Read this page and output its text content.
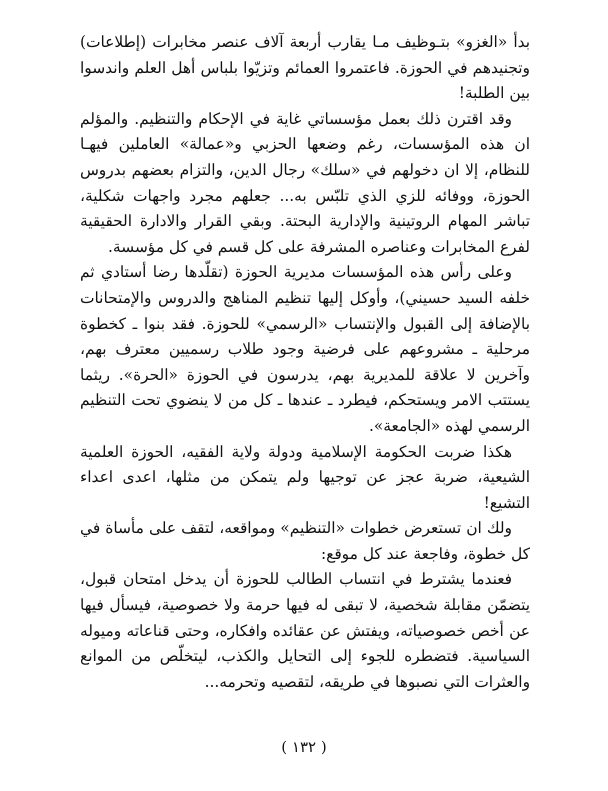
بدأ «الغزو» بتـوظيف مـا يقارب أربعة آلاف عنصر مخابرات (إطلاعات) وتجنيدهم في الحوزة. فاعتمروا العمائم وتزيّوا بلباس أهل العلم واندسوا بين الطلبة!

وقد اقترن ذلك بعمل مؤسساتي غاية في الإحكام والتنظيم. والمؤلم ان هذه المؤسسات، رغم وضعها الحزبي و«عمالة» العاملين فيهـا للنظام، إلا ان دخولهم في «سلك» رجال الدين، والتزام بعضهم بدروس الحوزة، ووفائه للزي الذي تلبّس به... جعلهم مجرد واجهات شكلية، تباشر المهام الروتينية والإدارية البحتة. وبقي القرار والادارة الحقيقية لفرع المخابرات وعناصره المشرفة على كل قسم في كل مؤسسة.

وعلى رأس هذه المؤسسات مديرية الحوزة (تقلّدها رضا أستادي ثم خلفه السيد حسيني)، وأوكل إليها تنظيم المناهج والدروس والإمتحانات بالإضافة إلى القبول والإنتساب «الرسمي» للحوزة. فقد بنوا ـ كخطوة مرحلية ـ مشروعهم على فرضية وجود طلاب رسميين معترف بهم، وآخرين لا علاقة للمديرية بهم، يدرسون في الحوزة «الحرة». ريثما يستتب الامر ويستحكم، فيطرد ـ عندها ـ كل من لا ينضوي تحت التنظيم الرسمي لهذه «الجامعة».

هكذا ضربت الحكومة الإسلامية ودولة ولاية الفقيه، الحوزة العلمية الشيعية، ضربة عجز عن توجيها ولم يتمكن من مثلها، اعدى اعداء التشيع!

ولك ان تستعرض خطوات «التنظيم» ومواقعه، لتقف على مأساة في كل خطوة، وفاجعة عند كل موقع:

فعندما يشترط في انتساب الطالب للحوزة أن يدخل امتحان قبول، يتضمّن مقابلة شخصية، لا تبقى له فيها حرمة ولا خصوصية، فيسأل فيها عن أخص خصوصياته، ويفتش عن عقائده وافكاره، وحتى قناعاته وميوله السياسية. فتضطره للجوء إلى التحايل والكذب، ليتخلّص من الموانع والعثرات التي نصبوها في طريقه، لتقصيه وتحرمه...

( ١٣٢ )
